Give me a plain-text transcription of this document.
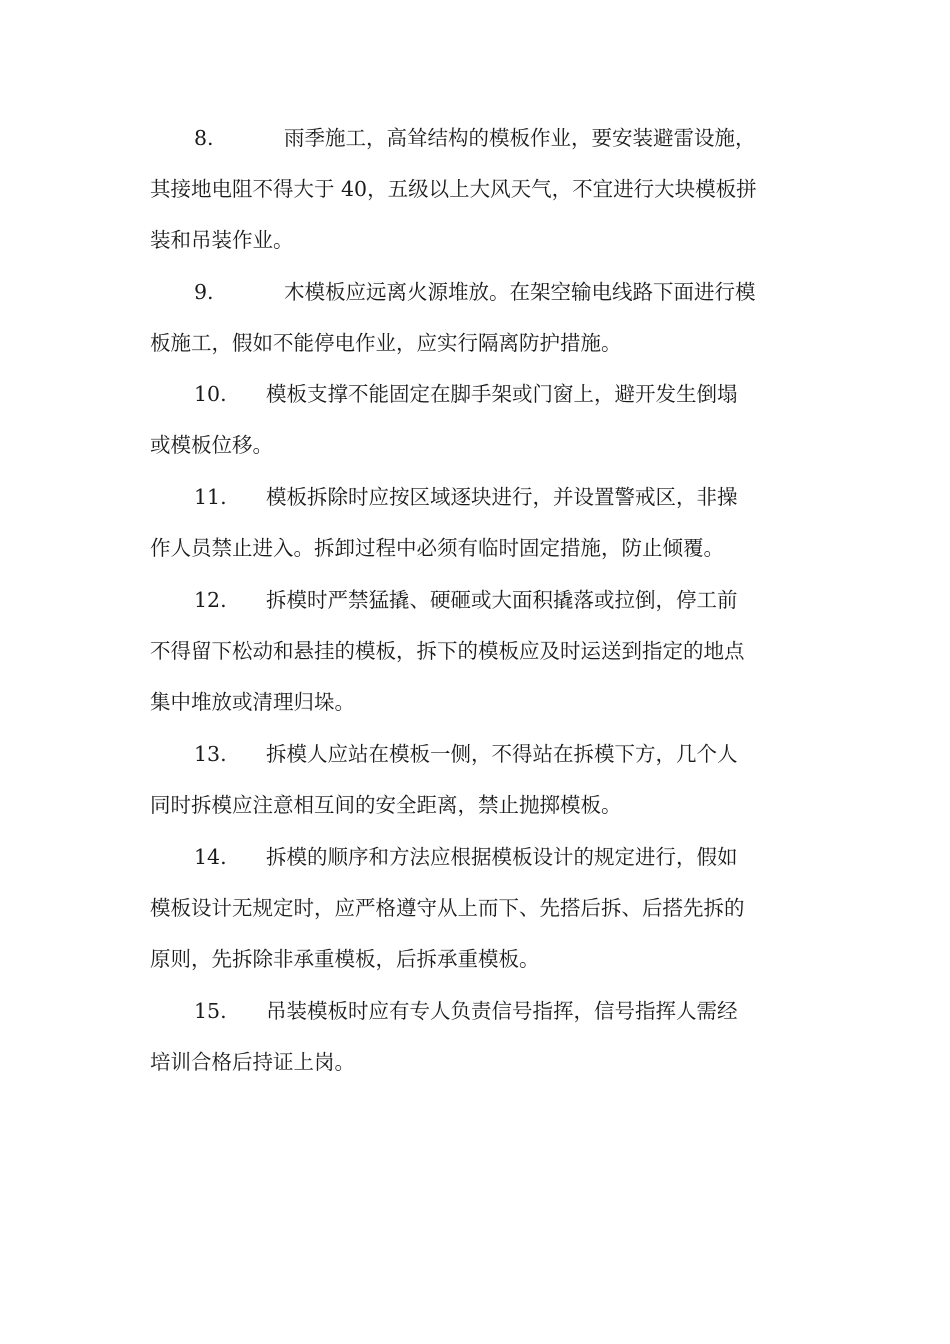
8.	雨季施工，高耸结构的模板作业，要安装避雷设施，
其接地电阻不得大于 40，五级以上大风天气，不宜进行大块模板拼
装和吊装作业。
9.	木模板应远离火源堆放。在架空输电线路下面进行模
板施工，假如不能停电作业，应实行隔离防护措施。
10. 模板支撑不能固定在脚手架或门窗上，避开发生倒塌
或模板位移。
11. 模板拆除时应按区域逐块进行，并设置警戒区，非操
作人员禁止进入。拆卸过程中必须有临时固定措施，防止倾覆。
12. 拆模时严禁猛撬、硬砸或大面积撬落或拉倒，停工前
不得留下松动和悬挂的模板，拆下的模板应及时运送到指定的地点
集中堆放或清理归垛。
13. 拆模人应站在模板一侧，不得站在拆模下方，几个人
同时拆模应注意相互间的安全距离，禁止抛掷模板。
14. 拆模的顺序和方法应根据模板设计的规定进行，假如
模板设计无规定时，应严格遵守从上而下、先搭后拆、后搭先拆的
原则，先拆除非承重模板，后拆承重模板。
15. 吊装模板时应有专人负责信号指挥，信号指挥人需经
培训合格后持证上岗。
